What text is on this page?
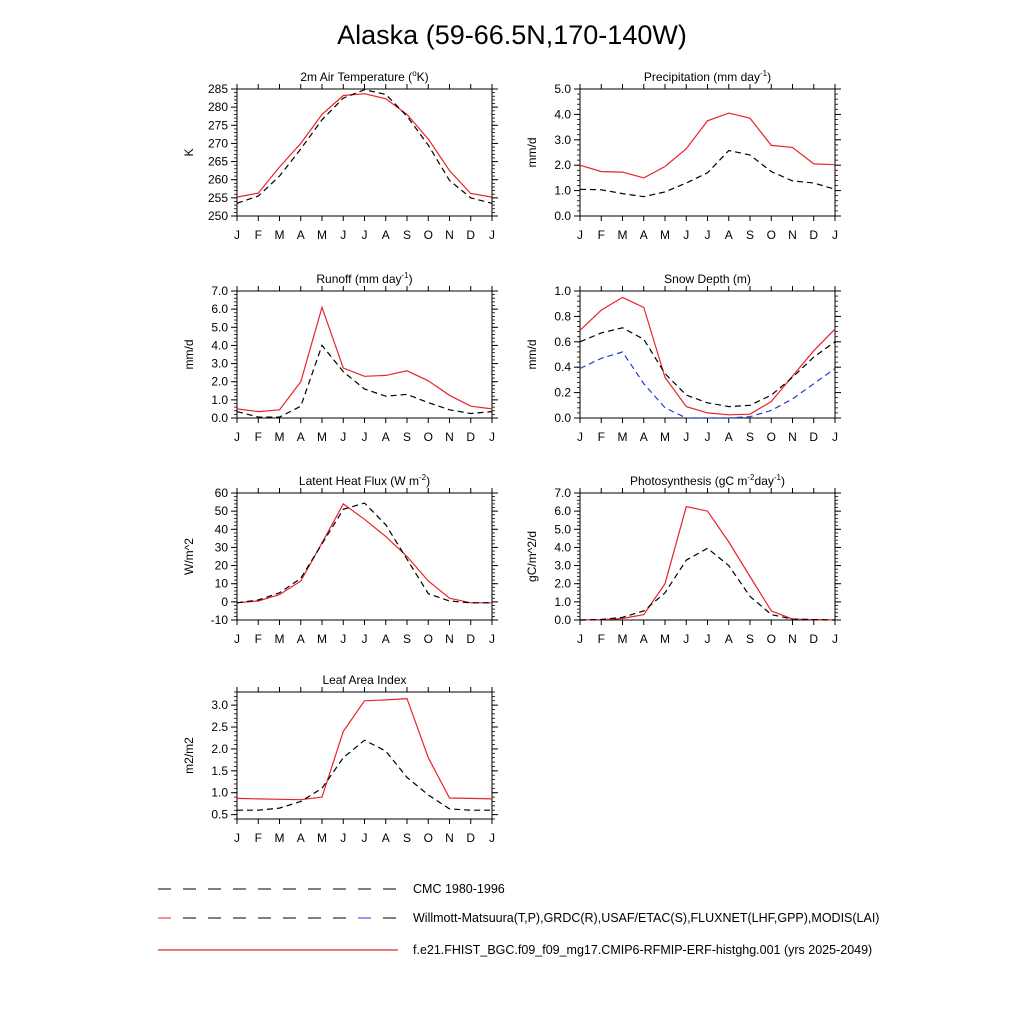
Alaska (59-66.5N,170-140W)
2m Air Temperature ($^o$K)
J F M A M J J A S O N D J
250
255
260
265
270
275
280
285
K
Precipitation (mm day$^{-1}$)
J F M A M J J A S O N D J
0.0
1.0
2.0
3.0
4.0
5.0
mm/d
Runoff (mm day$^{-1}$)
J F M A M J J A S O N D J
0.0
1.0
2.0
3.0
4.0
5.0
6.0
7.0
mm/d
Snow Depth (m)
J F M A M J J A S O N D J
0.0
0.2
0.4
0.6
0.8
1.0
mm/d
Latent Heat Flux (W $m^{-2}$)
J F M A M J J A S O N D J
-10
0
10
20
30
40
50
60
W/m^2
Photosynthesis (gC $m^{-2}day^{-1}$)
J F M A M J J A S O N D J
0.0
1.0
2.0
3.0
4.0
5.0
6.0
7.0
gC/m^2/d
Leaf Area Index
J F M A M J J A S O N D J
0.5
1.0
1.5
2.0
2.5
3.0
m2/m2
CMC 1980-1996
Willmott-Matsuura(T,P),GRDC(R),USAF/ETAC(S),FLUXNET(LHF,GPP),MODIS(LAI)
f.e21.FHIST_BGC.f09_f09_mg17.CMIP6-RFMIP-ERF-histghg.001 (yrs 2025-2049)
